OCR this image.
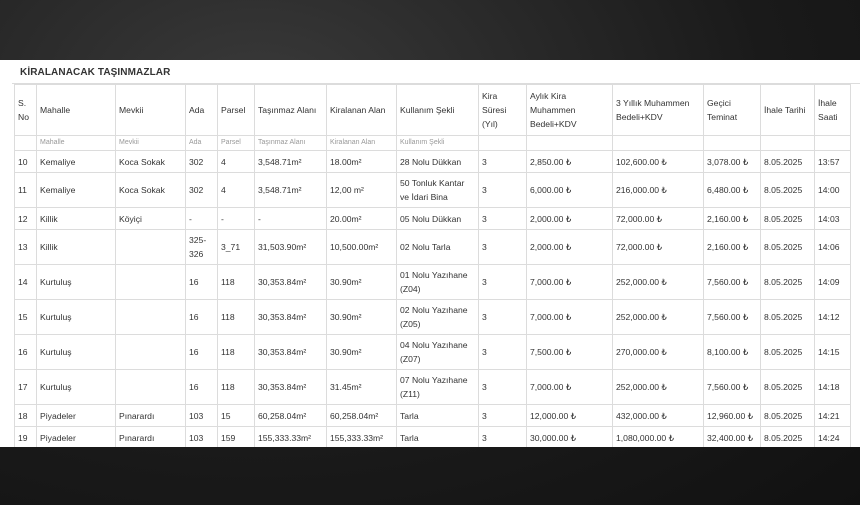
KİRALANACAK TAŞINMAZLAR
S. No	Mahalle	Mevkii	Ada	Parsel	Taşınmaz Alanı	Kiralanan Alan	Kullanım Şekli	Kira Süresi (Yıl)	Aylık Kira Muhammen Bedeli+KDV	3 Yıllık Muhammen Bedeli+KDV	Geçici Teminat	İhale Tarihi	İhale Saati
	Mahalle	Mevkii	Ada	Parsel	Taşınmaz Alanı	Kiralanan Alan	Kullanım Şekli						
10	Kemaliye	Koca Sokak	302	4	3,548.71m²	18.00m²	28 Nolu Dükkan	3	2,850.00 ₺	102,600.00 ₺	3,078.00 ₺	8.05.2025	13:57
11	Kemaliye	Koca Sokak	302	4	3,548.71m²	12,00 m²	50 Tonluk Kantar ve İdari Bina	3	6,000.00 ₺	216,000.00 ₺	6,480.00 ₺	8.05.2025	14:00
12	Killik	Köyiçi	-	-	-	20.00m²	05 Nolu Dükkan	3	2,000.00 ₺	72,000.00 ₺	2,160.00 ₺	8.05.2025	14:03
13	Killik		325-326	3_71	31,503.90m²	10,500.00m²	02 Nolu Tarla	3	2,000.00 ₺	72,000.00 ₺	2,160.00 ₺	8.05.2025	14:06
14	Kurtuluş		16	118	30,353.84m²	30.90m²	01 Nolu Yazıhane (Z04)	3	7,000.00 ₺	252,000.00 ₺	7,560.00 ₺	8.05.2025	14:09
15	Kurtuluş		16	118	30,353.84m²	30.90m²	02 Nolu Yazıhane (Z05)	3	7,000.00 ₺	252,000.00 ₺	7,560.00 ₺	8.05.2025	14:12
16	Kurtuluş		16	118	30,353.84m²	30.90m²	04 Nolu Yazıhane (Z07)	3	7,500.00 ₺	270,000.00 ₺	8,100.00 ₺	8.05.2025	14:15
17	Kurtuluş		16	118	30,353.84m²	31.45m²	07 Nolu Yazıhane (Z11)	3	7,000.00 ₺	252,000.00 ₺	7,560.00 ₺	8.05.2025	14:18
18	Piyadeler	Pınarardı	103	15	60,258.04m²	60,258.04m²	Tarla	3	12,000.00 ₺	432,000.00 ₺	12,960.00 ₺	8.05.2025	14:21
19	Piyadeler	Pınarardı	103	159	155,333.33m²	155,333.33m²	Tarla	3	30,000.00 ₺	1,080,000.00 ₺	32,400.00 ₺	8.05.2025	14:24
